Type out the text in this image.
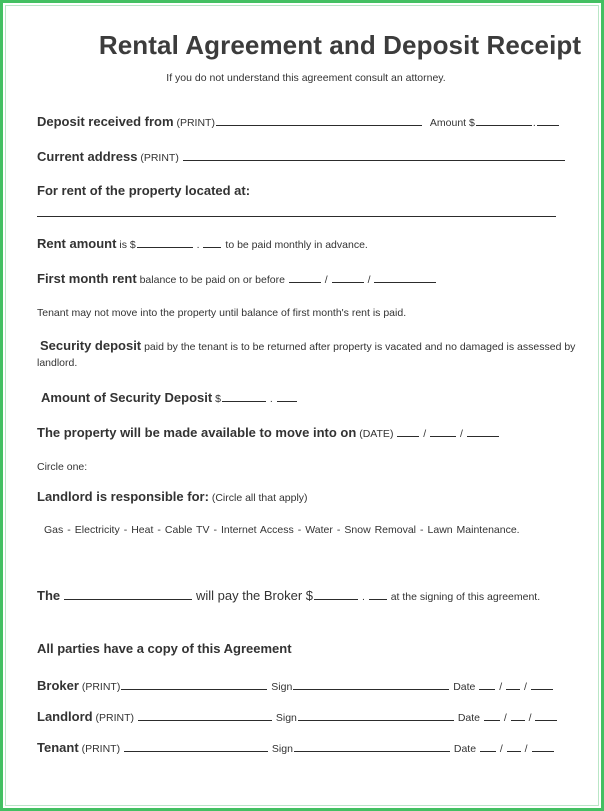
Rental Agreement and Deposit Receipt
If you do not understand this agreement consult an attorney.
Deposit received from (PRINT)	Amount $	.
Current address (PRINT)
For rent of the property located at:
Rent amount is $	. to be paid monthly in advance.
First month rent balance to be paid on or before	/	/
Tenant may not move into the property until balance of first month's rent is paid.
Security deposit paid by the tenant is to be returned after property is vacated and no damaged is assessed by landlord.
Amount of Security Deposit $	.
The property will be made available to move into on (DATE)	/	/
Circle one:
Landlord is responsible for: (Circle all that apply)
Gas - Electricity - Heat - Cable TV - Internet Access - Water - Snow Removal - Lawn Maintenance.
The	will pay the Broker $	. at the signing of this agreement.
All parties have a copy of this Agreement
Broker (PRINT)	Sign	Date / /
Landlord (PRINT)	Sign	Date / /
Tenant (PRINT)	Sign	Date / /
